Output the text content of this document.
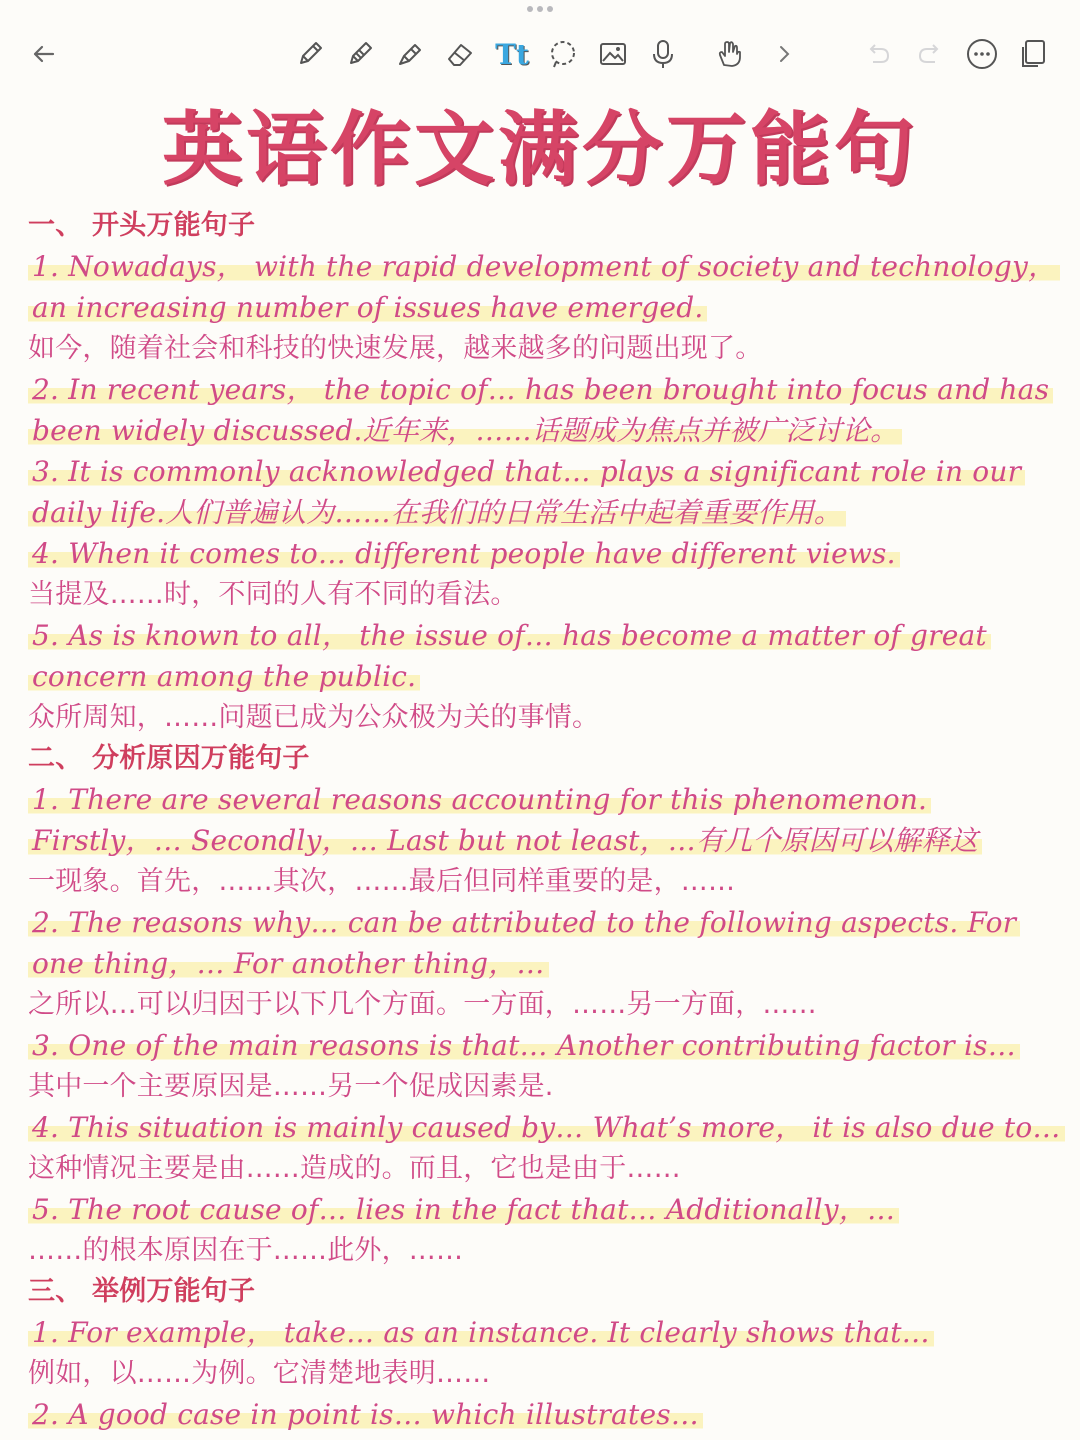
Tt
英语作文满分万能句
一、 开头万能句子
1. Nowadays， with the rapid development of society and technology，
an increasing number of issues have emerged.
如今，随着社会和科技的快速发展，越来越多的问题出现了。
2. In recent years， the topic of… has been brought into focus and has
been widely discussed.近年来，……话题成为焦点并被广泛讨论。
3. It is commonly acknowledged that… plays a significant role in our
daily life.人们普遍认为……在我们的日常生活中起着重要作用。
4. When it comes to… different people have different views.
当提及……时，不同的人有不同的看法。
5. As is known to all， the issue of… has become a matter of great
concern among the public.
众所周知，……问题已成为公众极为关的事情。
二、 分析原因万能句子
1. There are several reasons accounting for this phenomenon.
Firstly，… Secondly，… Last but not least，…有几个原因可以解释这
一现象。首先，……其次，……最后但同样重要的是，……
2. The reasons why… can be attributed to the following aspects. For
one thing，… For another thing，…
之所以…可以归因于以下几个方面。一方面，……另一方面，……
3. One of the main reasons is that… Another contributing factor is…
其中一个主要原因是……另一个促成因素是.
4. This situation is mainly caused by… What’s more， it is also due to…
这种情况主要是由……造成的。而且，它也是由于……
5. The root cause of… lies in the fact that… Additionally，…
……的根本原因在于……此外，……
三、 举例万能句子
1. For example， take… as an instance. It clearly shows that…
例如，以……为例。它清楚地表明……
2. A good case in point is… which illustrates…
